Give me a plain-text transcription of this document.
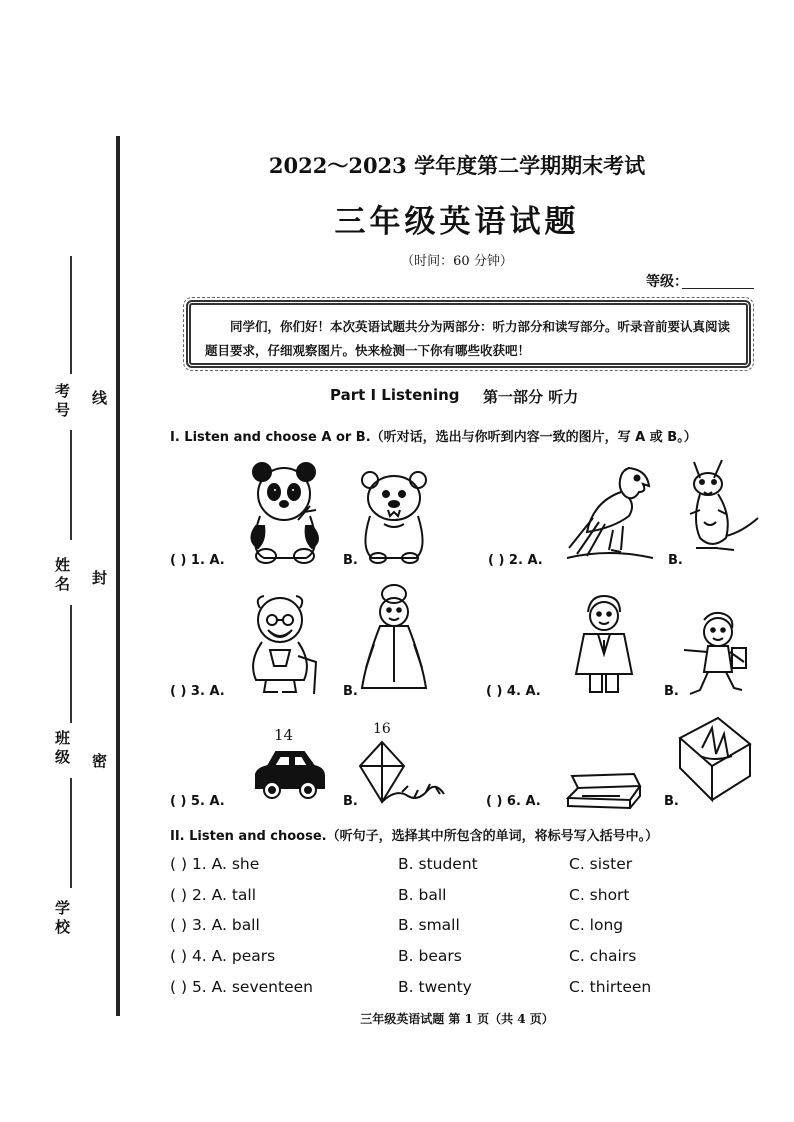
考号
姓名
班级
学校
线
封
密
2022～2023 学年度第二学期期末考试
三年级英语试题
（时间：60 分钟）
等级：
同学们，你们好！本次英语试题共分为两部分：听力部分和读写部分。听录音前要认真阅读题目要求，仔细观察图片。快来检测一下你有哪些收获吧！
Part Ⅰ Listening 第一部分 听力
I. Listen and choose A or B.（听对话，选出与你听到内容一致的图片，写 A 或 B。）
( ) 1. A.	B.	( ) 2. A.	B.
( ) 3. A.	B.	( ) 4. A.	B.
( ) 5. A.	B.	( ) 6. A.	B.
14	16
II. Listen and choose.（听句子，选择其中所包含的单词，将标号写入括号中。）
( ) 1. A. she	B. student	C. sister
( ) 2. A. tall	B. ball	C. short
( ) 3. A. ball	B. small	C. long
( ) 4. A. pears	B. bears	C. chairs
( ) 5. A. seventeen	B. twenty	C. thirteen
三年级英语试题 第 1 页（共 4 页）
